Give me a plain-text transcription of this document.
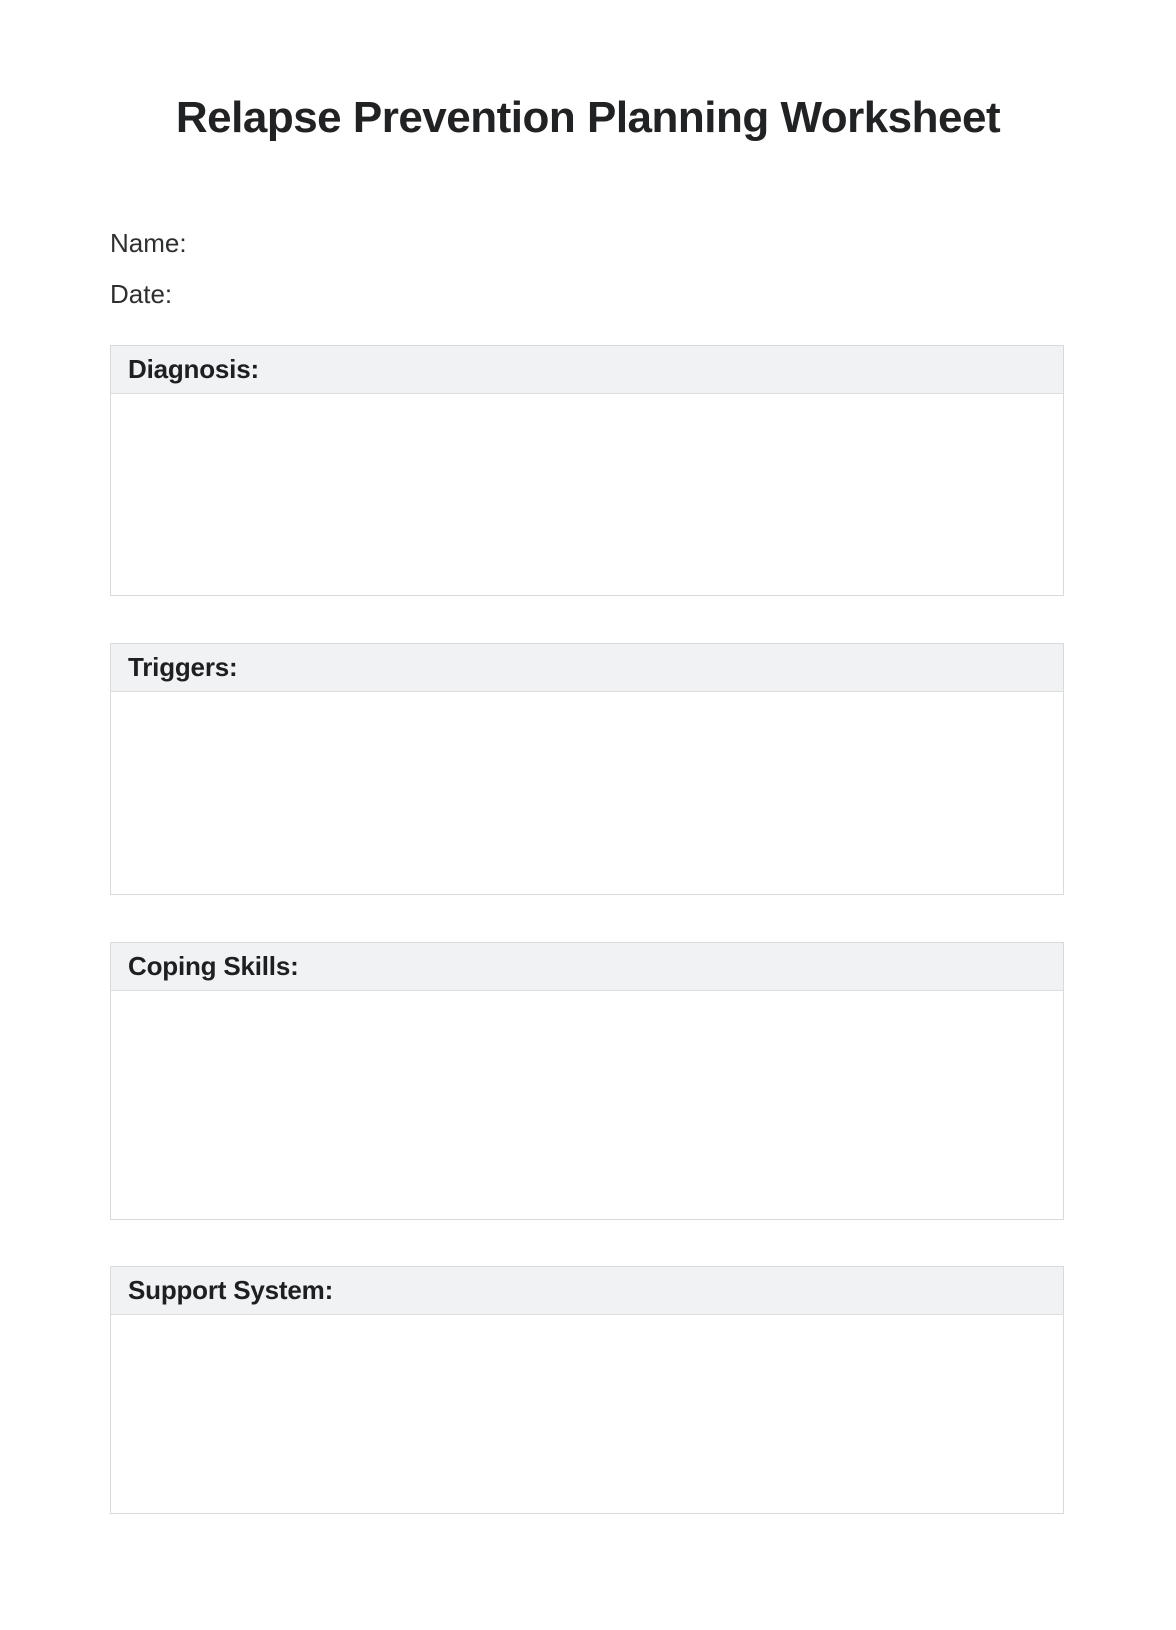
Relapse Prevention Planning Worksheet
Name:
Date:
Diagnosis:
Triggers:
Coping Skills:
Support System:
